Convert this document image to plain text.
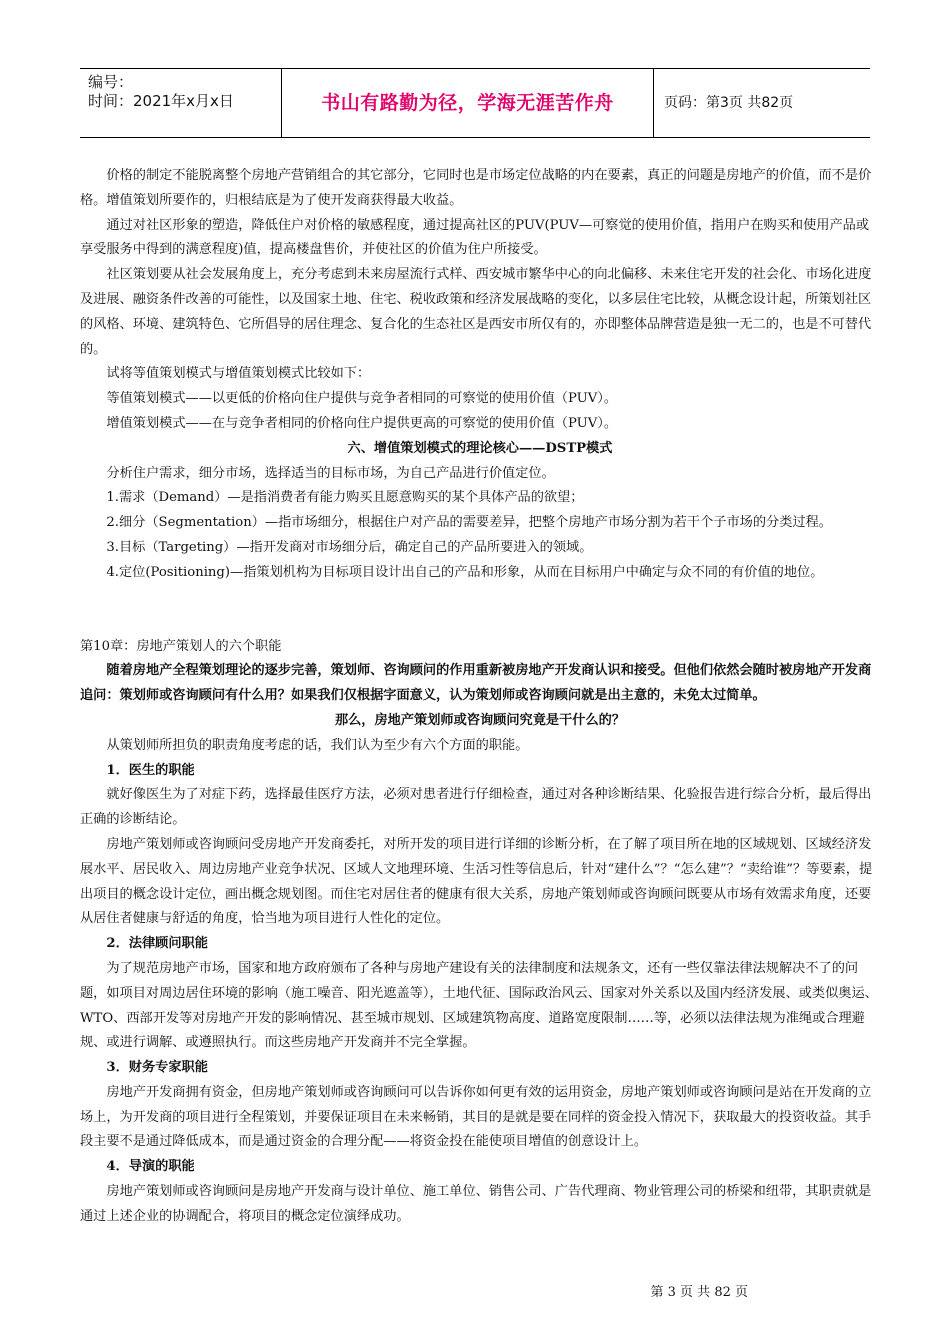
编号：
时间：2021年x月x日	书山有路勤为径，学海无涯苦作舟	页码：第3页 共82页

价格的制定不能脱离整个房地产营销组合的其它部分，它同时也是市场定位战略的内在要素，真正的问题是房地产的价值，而不是价格。增值策划所要作的，归根结底是为了使开发商获得最大收益。

通过对社区形象的塑造，降低住户对价格的敏感程度，通过提高社区的PUV(PUV—可察觉的使用价值，指用户在购买和使用产品或享受服务中得到的满意程度)值，提高楼盘售价，并使社区的价值为住户所接受。

社区策划要从社会发展角度上，充分考虑到未来房屋流行式样、西安城市繁华中心的向北偏移、未来住宅开发的社会化、市场化进度及进展、融资条件改善的可能性，以及国家土地、住宅、税收政策和经济发展战略的变化，以多层住宅比较，从概念设计起，所策划社区的风格、环境、建筑特色、它所倡导的居住理念、复合化的生态社区是西安市所仅有的，亦即整体品牌营造是独一无二的，也是不可替代的。

试将等值策划模式与增值策划模式比较如下：

等值策划模式——以更低的价格向住户提供与竞争者相同的可察觉的使用价值（PUV）。

增值策划模式——在与竞争者相同的价格向住户提供更高的可察觉的使用价值（PUV）。

六、增值策划模式的理论核心——DSTP模式

分析住户需求，细分市场，选择适当的目标市场，为自己产品进行价值定位。

1.需求（Demand）—是指消费者有能力购买且愿意购买的某个具体产品的欲望；

2.细分（Segmentation）—指市场细分，根据住户对产品的需要差异，把整个房地产市场分割为若干个子市场的分类过程。

3.目标（Targeting）—指开发商对市场细分后，确定自己的产品所要进入的领域。

4.定位(Positioning)—指策划机构为目标项目设计出自己的产品和形象，从而在目标用户中确定与众不同的有价值的地位。

第10章：房地产策划人的六个职能

随着房地产全程策划理论的逐步完善，策划师、咨询顾问的作用重新被房地产开发商认识和接受。但他们依然会随时被房地产开发商追问：策划师或咨询顾问有什么用？如果我们仅根据字面意义，认为策划师或咨询顾问就是出主意的，未免太过简单。

那么，房地产策划师或咨询顾问究竟是干什么的？

从策划师所担负的职责角度考虑的话，我们认为至少有六个方面的职能。

1．医生的职能

就好像医生为了对症下药，选择最佳医疗方法，必须对患者进行仔细检查，通过对各种诊断结果、化验报告进行综合分析，最后得出正确的诊断结论。

房地产策划师或咨询顾问受房地产开发商委托，对所开发的项目进行详细的诊断分析，在了解了项目所在地的区域规划、区域经济发展水平、居民收入、周边房地产业竞争状况、区域人文地理环境、生活习性等信息后，针对“建什么”？“怎么建”？“卖给谁”？等要素，提出项目的概念设计定位，画出概念规划图。而住宅对居住者的健康有很大关系，房地产策划师或咨询顾问既要从市场有效需求角度，还要从居住者健康与舒适的角度，恰当地为项目进行人性化的定位。

2．法律顾问职能

为了规范房地产市场，国家和地方政府颁布了各种与房地产建设有关的法律制度和法规条文，还有一些仅靠法律法规解决不了的问题，如项目对周边居住环境的影响（施工噪音、阳光遮盖等），土地代征、国际政治风云、国家对外关系以及国内经济发展、或类似奥运、WTO、西部开发等对房地产开发的影响情况、甚至城市规划、区域建筑物高度、道路宽度限制……等，必须以法律法规为准绳或合理避规、或进行调解、或遵照执行。而这些房地产开发商并不完全掌握。

3．财务专家职能

房地产开发商拥有资金，但房地产策划师或咨询顾问可以告诉你如何更有效的运用资金，房地产策划师或咨询顾问是站在开发商的立场上，为开发商的项目进行全程策划，并要保证项目在未来畅销，其目的是就是要在同样的资金投入情况下，获取最大的投资收益。其手段主要不是通过降低成本，而是通过资金的合理分配——将资金投在能使项目增值的创意设计上。

4．导演的职能

房地产策划师或咨询顾问是房地产开发商与设计单位、施工单位、销售公司、广告代理商、物业管理公司的桥梁和纽带，其职责就是通过上述企业的协调配合，将项目的概念定位演绎成功。

第 3 页 共 82 页
